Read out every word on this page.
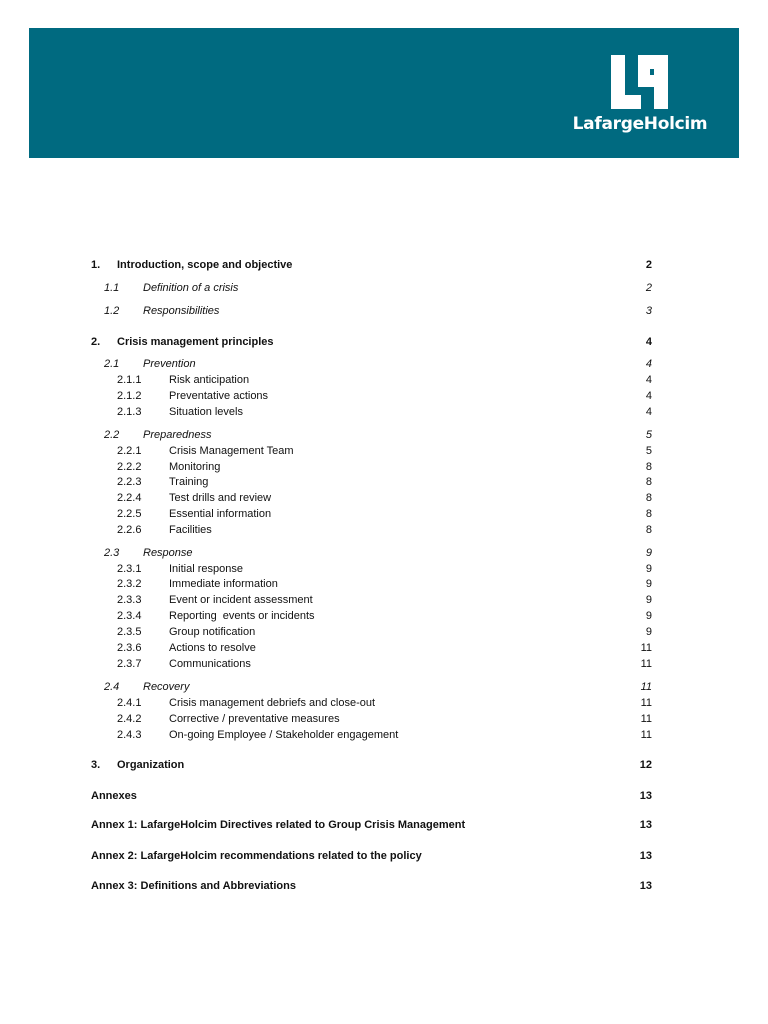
LafargeHolcim
1. Introduction, scope and objective	2
1.1 Definition of a crisis	2
1.2 Responsibilities	3
2. Crisis management principles	4
2.1 Prevention	4
2.1.1	Risk anticipation	4
2.1.2	Preventative actions	4
2.1.3	Situation levels	4
2.2 Preparedness	5
2.2.1	Crisis Management Team	5
2.2.2	Monitoring	8
2.2.3	Training	8
2.2.4	Test drills and review	8
2.2.5	Essential information	8
2.2.6	Facilities	8
2.3 Response	9
2.3.1	Initial response	9
2.3.2	Immediate information	9
2.3.3	Event or incident assessment	9
2.3.4	Reporting  events or incidents	9
2.3.5	Group notification	9
2.3.6	Actions to resolve	11
2.3.7	Communications	11
2.4 Recovery	11
2.4.1	Crisis management debriefs and close-out	11
2.4.2	Corrective / preventative measures	11
2.4.3	On-going Employee / Stakeholder engagement	11
3. Organization	12
Annexes	13
Annex 1: LafargeHolcim Directives related to Group Crisis Management	13
Annex 2: LafargeHolcim recommendations related to the policy	13
Annex 3: Definitions and Abbreviations	13
